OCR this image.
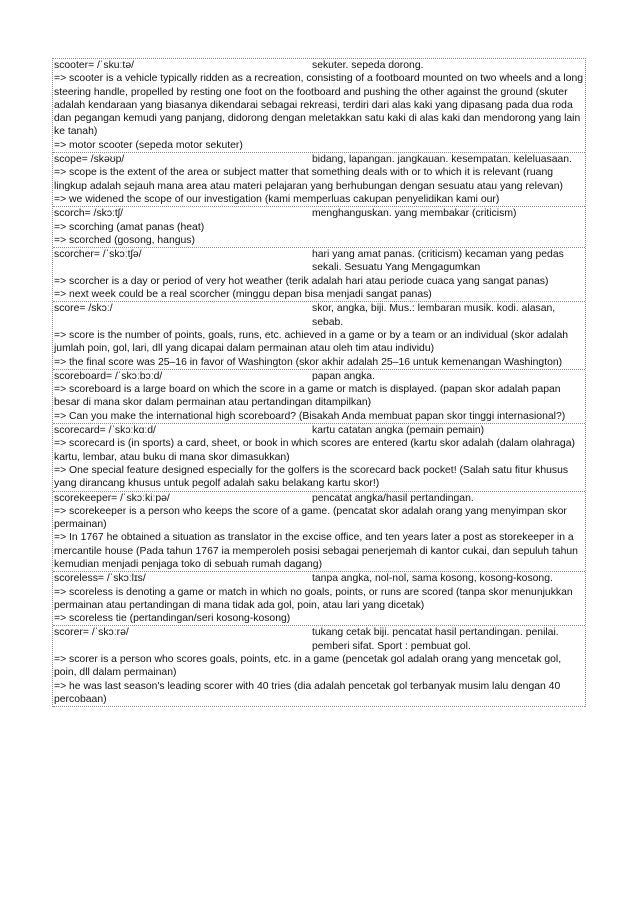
scooter= /ˈskuːtə/	sekuter. sepeda dorong.
=> scooter is a vehicle typically ridden as a recreation, consisting of a footboard mounted on two wheels and a long steering handle, propelled by resting one foot on the footboard and pushing the other against the ground (skuter adalah kendaraan yang biasanya dikendarai sebagai rekreasi, terdiri dari alas kaki yang dipasang pada dua roda dan pegangan kemudi yang panjang, didorong dengan meletakkan satu kaki di alas kaki dan mendorong yang lain ke tanah)
=> motor scooter (sepeda motor sekuter)
scope= /skəʊp/	bidang, lapangan. jangkauan. kesempatan. keleluasaan.
=> scope is the extent of the area or subject matter that something deals with or to which it is relevant (ruang lingkup adalah sejauh mana area atau materi pelajaran yang berhubungan dengan sesuatu atau yang relevan)
=> we widened the scope of our investigation (kami memperluas cakupan penyelidikan kami our)
scorch= /skɔːtʃ/	menghanguskan. yang membakar (criticism)
=> scorching (amat panas (heat)
=> scorched (gosong, hangus)
scorcher= /ˈskɔːtʃə/	hari yang amat panas. (criticism) kecaman yang pedas sekali. Sesuatu Yang Mengagumkan
=> scorcher is a day or period of very hot weather (terik adalah hari atau periode cuaca yang sangat panas)
=> next week could be a real scorcher (minggu depan bisa menjadi sangat panas)
score= /skɔː/	skor, angka, biji. Mus.: lembaran musik. kodi. alasan, sebab.
=> score is the number of points, goals, runs, etc. achieved in a game or by a team or an individual (skor adalah jumlah poin, gol, lari, dll yang dicapai dalam permainan atau oleh tim atau individu)
=> the final score was 25–16 in favor of Washington (skor akhir adalah 25–16 untuk kemenangan Washington)
scoreboard= /ˈskɔːbɔːd/	papan angka.
=> scoreboard is a large board on which the score in a game or match is displayed. (papan skor adalah papan besar di mana skor dalam permainan atau pertandingan ditampilkan)
=> Can you make the international high scoreboard? (Bisakah Anda membuat papan skor tinggi internasional?)
scorecard= /ˈskɔːkɑːd/	kartu catatan angka (pemain pemain)
=> scorecard is (in sports) a card, sheet, or book in which scores are entered (kartu skor adalah (dalam olahraga) kartu, lembar, atau buku di mana skor dimasukkan)
=> One special feature designed especially for the golfers is the scorecard back pocket! (Salah satu fitur khusus yang dirancang khusus untuk pegolf adalah saku belakang kartu skor!)
scorekeeper= /ˈskɔːkiːpə/	pencatat angka/hasil pertandingan.
=> scorekeeper is a person who keeps the score of a game. (pencatat skor adalah orang yang menyimpan skor permainan)
=> In 1767 he obtained a situation as translator in the excise office, and ten years later a post as storekeeper in a mercantile house (Pada tahun 1767 ia memperoleh posisi sebagai penerjemah di kantor cukai, dan sepuluh tahun kemudian menjadi penjaga toko di sebuah rumah dagang)
scoreless= /ˈskɔːlɪs/	tanpa angka, nol-nol, sama kosong, kosong-kosong.
=> scoreless is denoting a game or match in which no goals, points, or runs are scored (tanpa skor menunjukkan permainan atau pertandingan di mana tidak ada gol, poin, atau lari yang dicetak)
=> scoreless tie (pertandingan/seri kosong-kosong)
scorer= /ˈskɔːrə/	tukang cetak biji. pencatat hasil pertandingan. penilai. pemberi sifat. Sport : pembuat gol.
=> scorer is a person who scores goals, points, etc. in a game (pencetak gol adalah orang yang mencetak gol, poin, dll dalam permainan)
=> he was last season's leading scorer with 40 tries (dia adalah pencetak gol terbanyak musim lalu dengan 40 percobaan)
